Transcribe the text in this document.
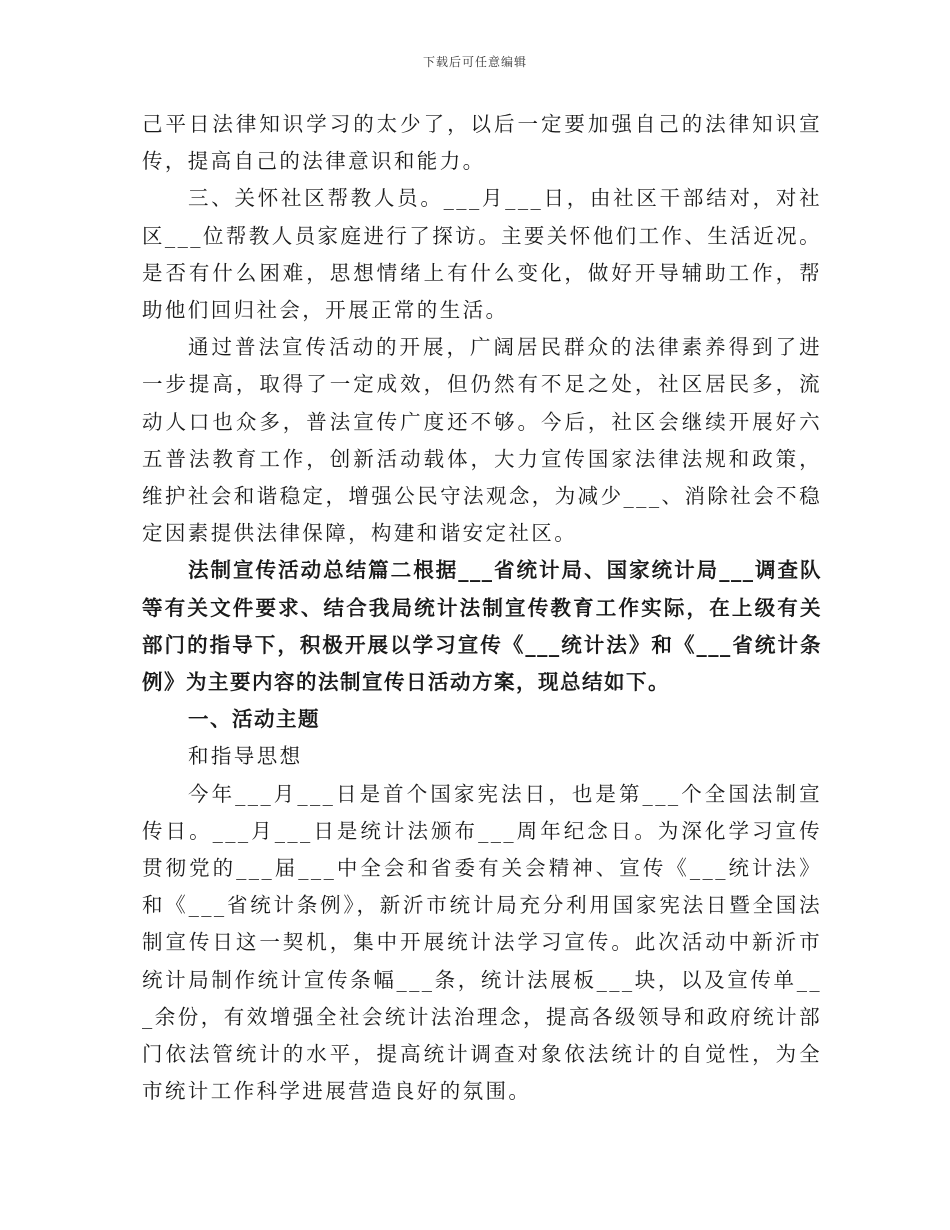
下载后可任意编辑

己平日法律知识学习的太少了，以后一定要加强自己的法律知识宣传，提高自己的法律意识和能力。

三、关怀社区帮教人员。___月___日，由社区干部结对，对社区___位帮教人员家庭进行了探访。主要关怀他们工作、生活近况。是否有什么困难，思想情绪上有什么变化，做好开导辅助工作，帮助他们回归社会，开展正常的生活。

通过普法宣传活动的开展，广阔居民群众的法律素养得到了进一步提高，取得了一定成效，但仍然有不足之处，社区居民多，流动人口也众多，普法宣传广度还不够。今后，社区会继续开展好六五普法教育工作，创新活动载体，大力宣传国家法律法规和政策，维护社会和谐稳定，增强公民守法观念，为减少___、消除社会不稳定因素提供法律保障，构建和谐安定社区。

法制宣传活动总结篇二根据___省统计局、国家统计局___调查队等有关文件要求、结合我局统计法制宣传教育工作实际，在上级有关部门的指导下，积极开展以学习宣传《___统计法》和《___省统计条例》为主要内容的法制宣传日活动方案，现总结如下。

一、活动主题

和指导思想

今年___月___日是首个国家宪法日，也是第___个全国法制宣传日。___月___日是统计法颁布___周年纪念日。为深化学习宣传贯彻党的___届___中全会和省委有关会精神、宣传《___统计法》和《___省统计条例》，新沂市统计局充分利用国家宪法日暨全国法制宣传日这一契机，集中开展统计法学习宣传。此次活动中新沂市统计局制作统计宣传条幅___条，统计法展板___块，以及宣传单___余份，有效增强全社会统计法治理念，提高各级领导和政府统计部门依法管统计的水平，提高统计调查对象依法统计的自觉性，为全市统计工作科学进展营造良好的氛围。
